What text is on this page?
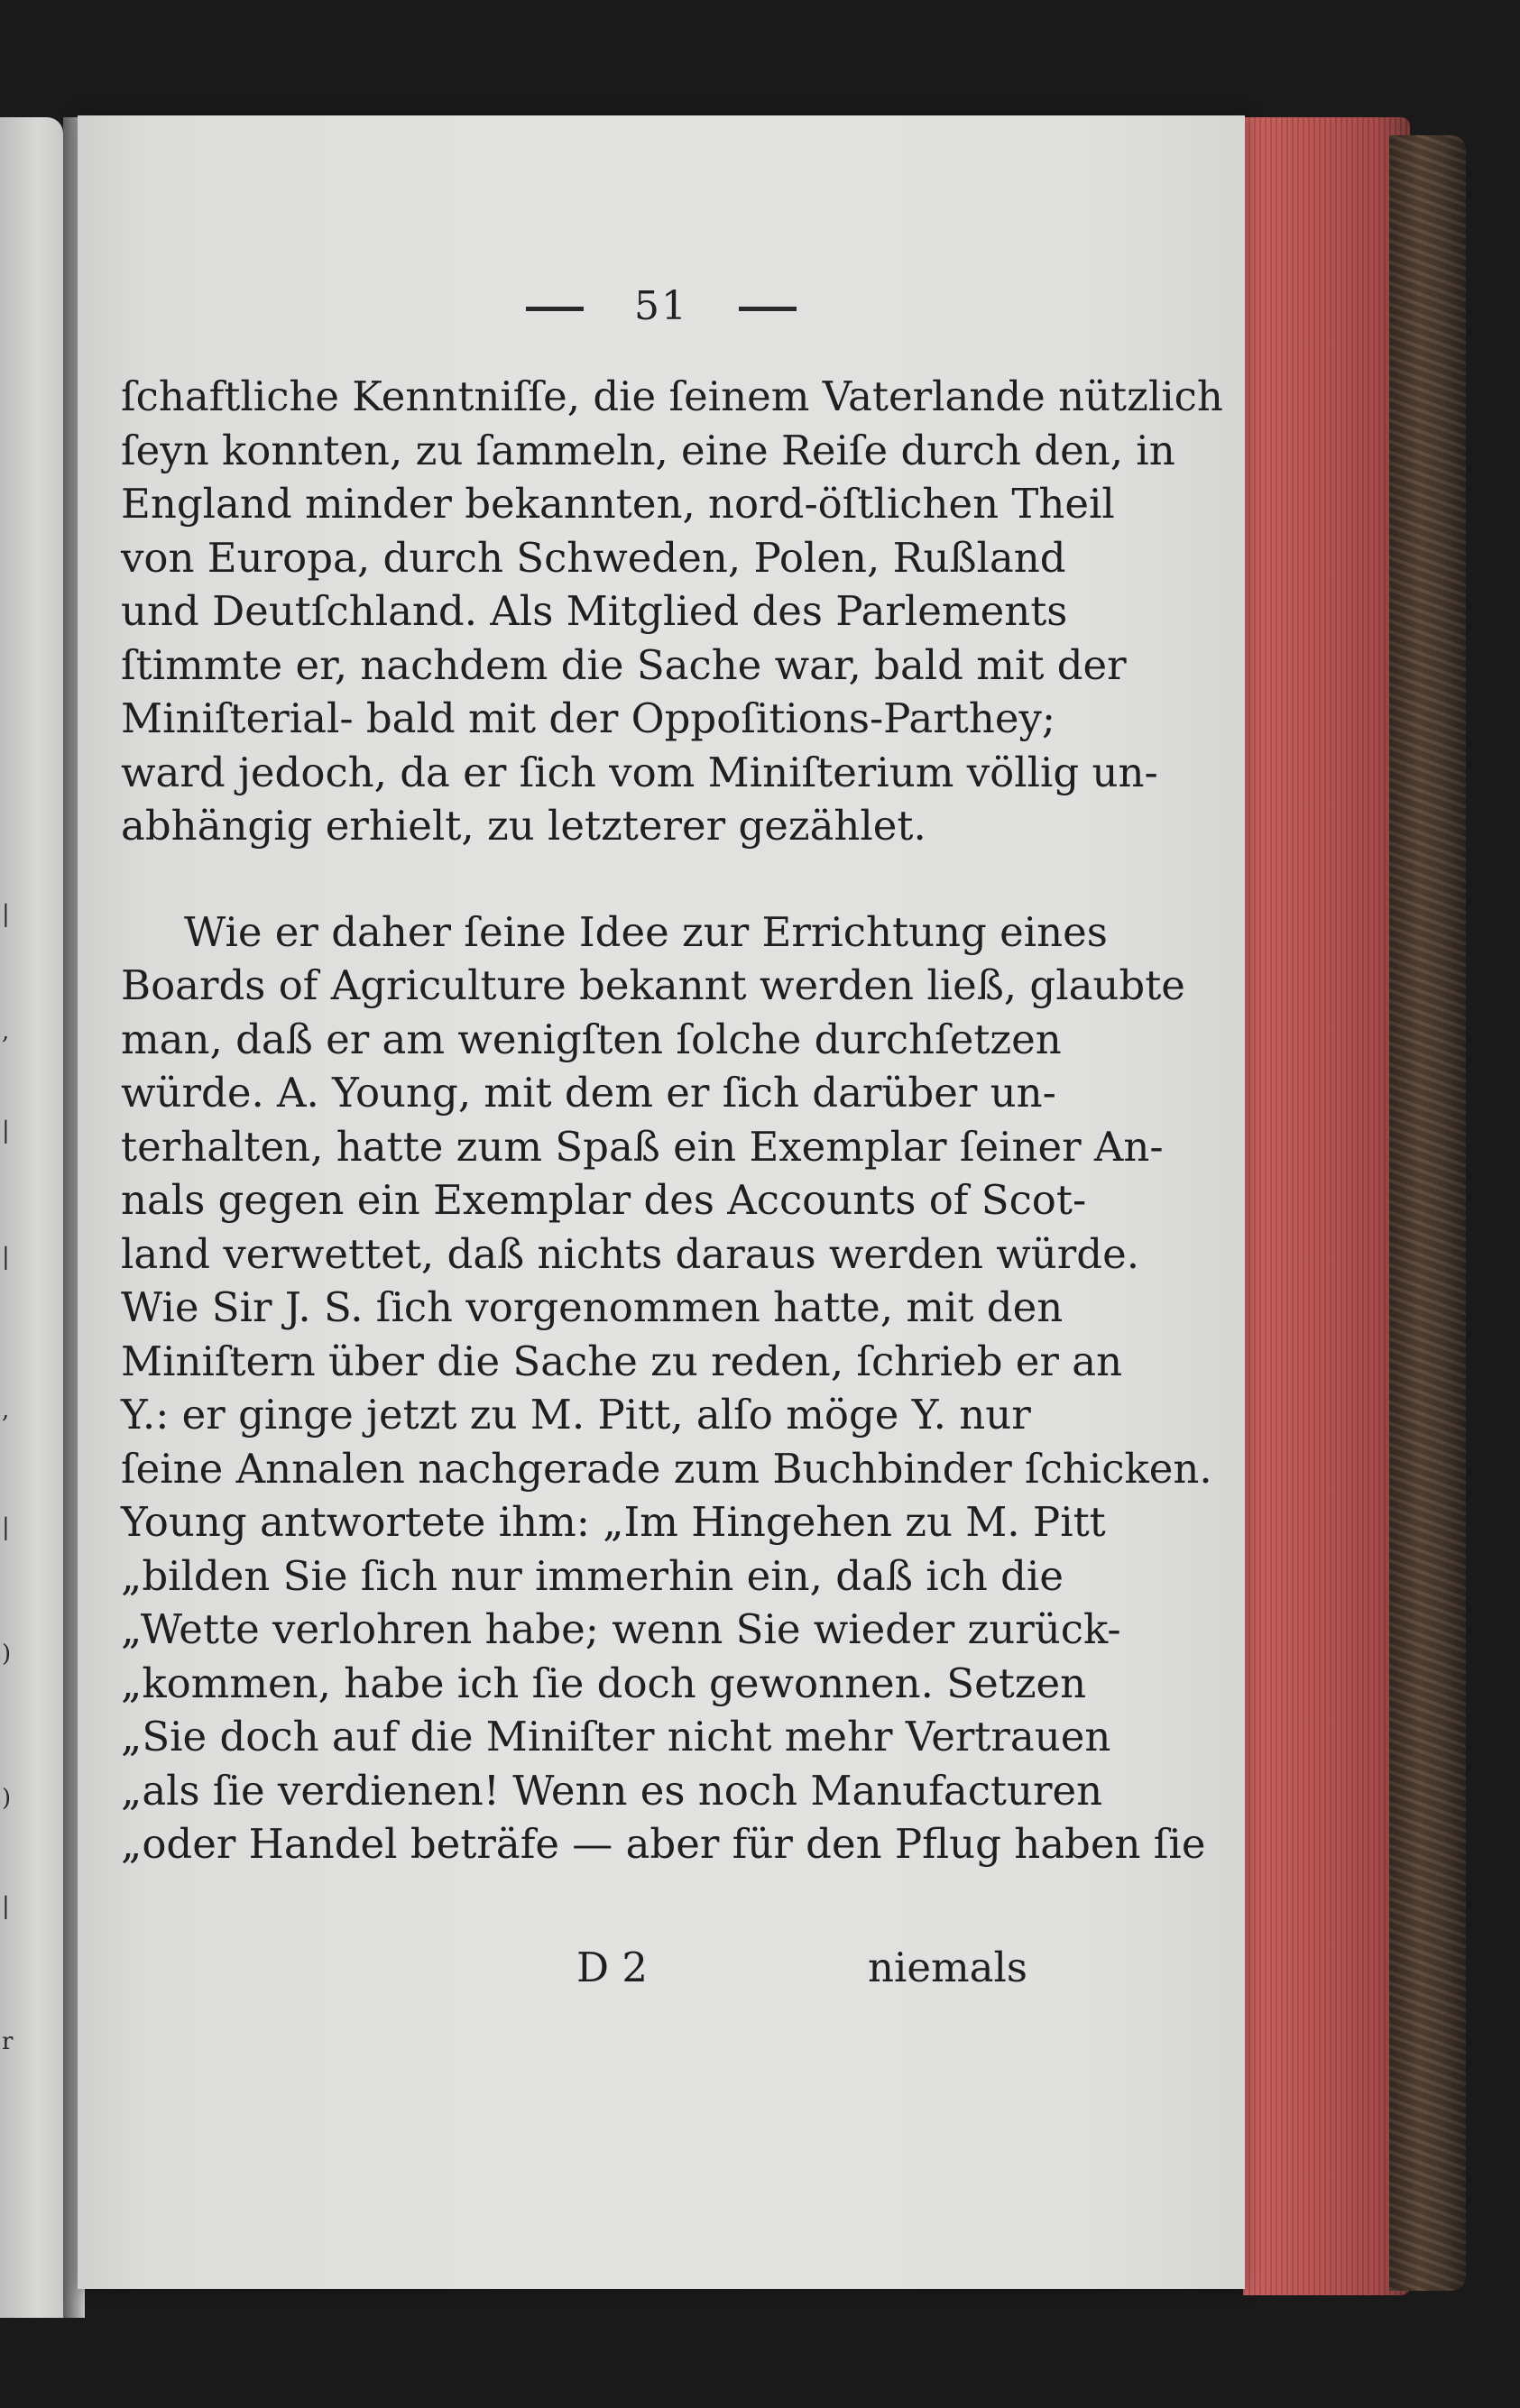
|
,
|
|
,
|
)
)
|
r
51

ſchaftliche Kenntniſſe, die ſeinem Vaterlande nützlich
ſeyn konnten, zu ſammeln, eine Reiſe durch den, in
England minder bekannten, nord-öſtlichen Theil
von Europa, durch Schweden, Polen, Rußland
und Deutſchland. Als Mitglied des Parlements
ſtimmte er, nachdem die Sache war, bald mit der
Miniſterial- bald mit der Oppoſitions-Parthey;
ward jedoch, da er ſich vom Miniſterium völlig un-
abhängig erhielt, zu letzterer gezählet.

Wie er daher ſeine Idee zur Errichtung eines
Boards of Agriculture bekannt werden ließ, glaubte
man, daß er am wenigſten ſolche durchſetzen
würde. A. Young, mit dem er ſich darüber un-
terhalten, hatte zum Spaß ein Exemplar ſeiner An-
nals gegen ein Exemplar des Accounts of Scot-
land verwettet, daß nichts daraus werden würde.
Wie Sir J. S. ſich vorgenommen hatte, mit den
Miniſtern über die Sache zu reden, ſchrieb er an
Y.: er ginge jetzt zu M. Pitt, alſo möge Y. nur
ſeine Annalen nachgerade zum Buchbinder ſchicken.
Young antwortete ihm: „Im Hingehen zu M. Pitt
„bilden Sie ſich nur immerhin ein, daß ich die
„Wette verlohren habe; wenn Sie wieder zurück-
„kommen, habe ich ſie doch gewonnen. Setzen
„Sie doch auf die Miniſter nicht mehr Vertrauen
„als ſie verdienen! Wenn es noch Manufacturen
„oder Handel beträfe — aber für den Pflug haben ſie

D 2	niemals
